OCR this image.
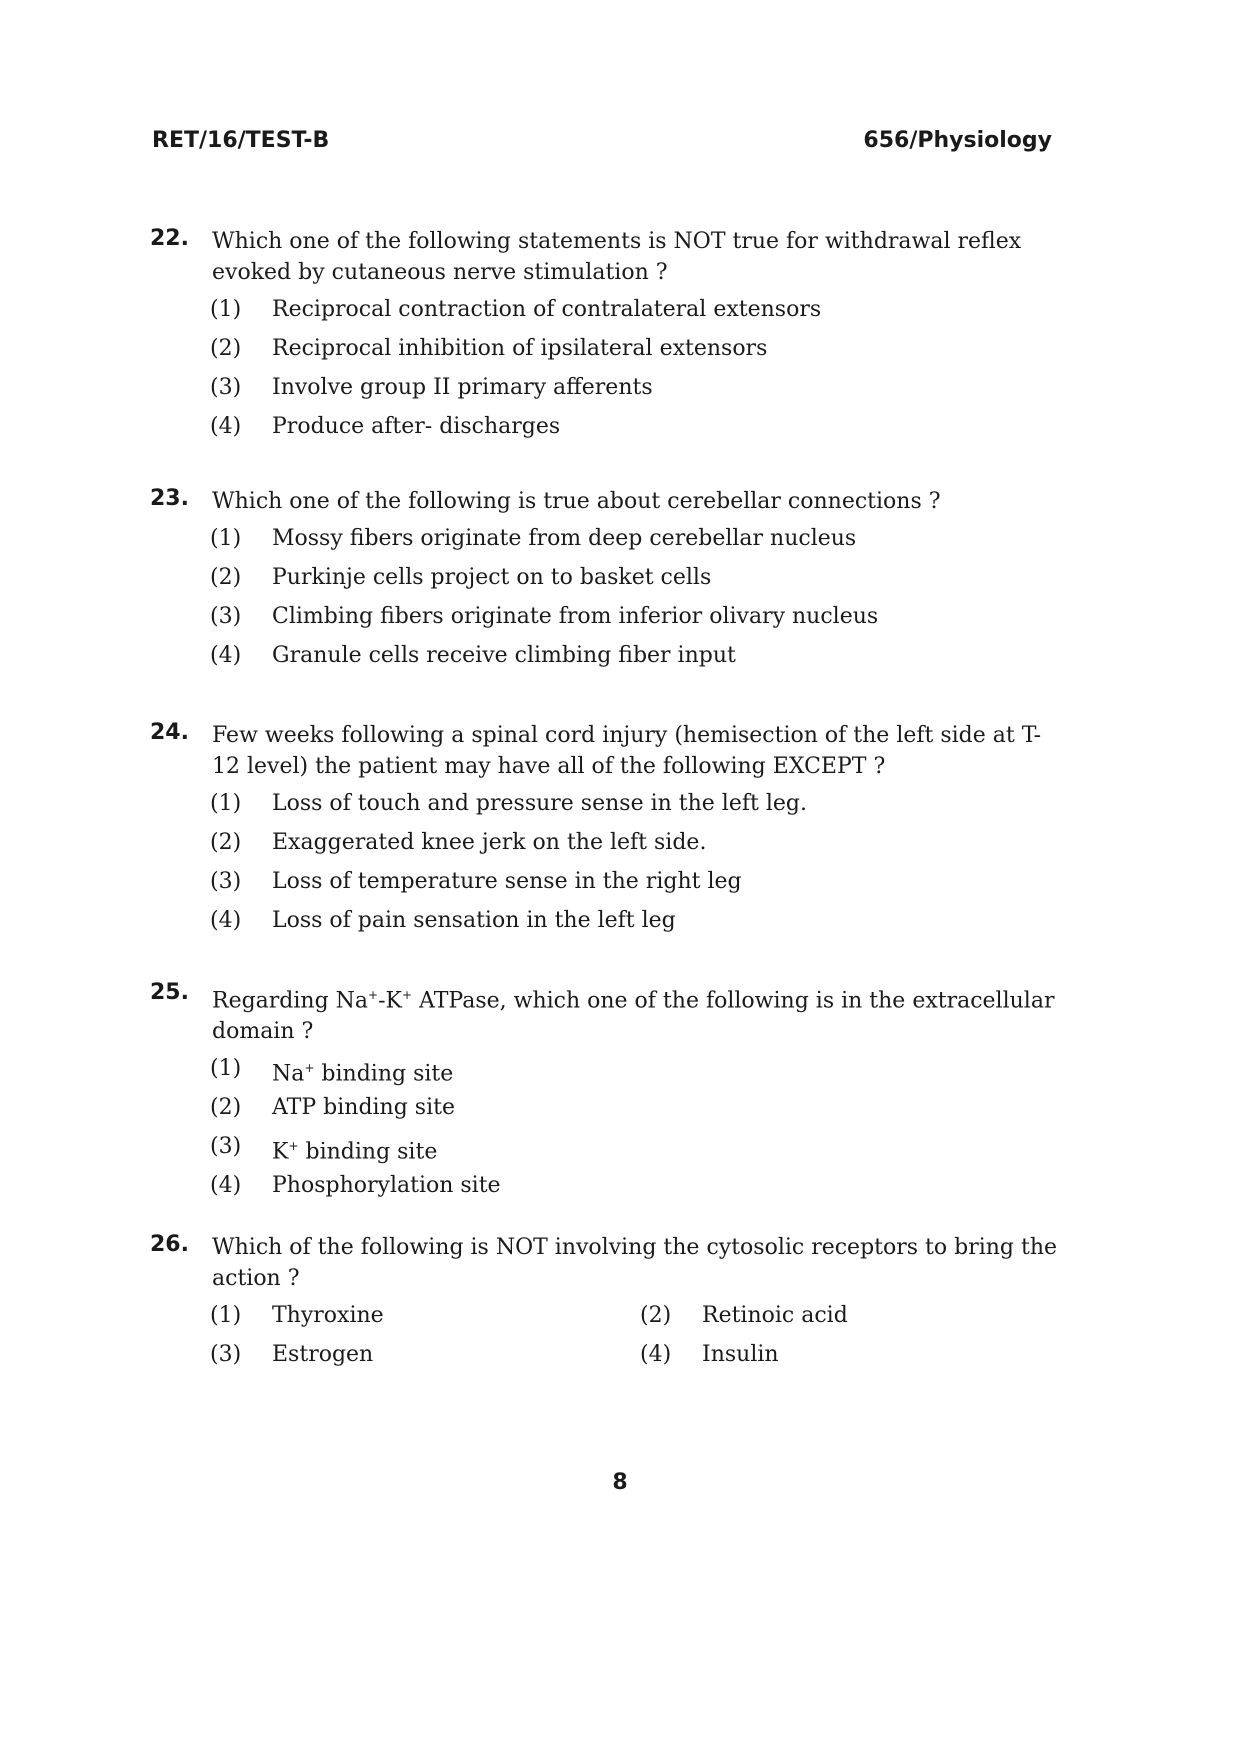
RET/16/TEST-B	656/Physiology
22. Which one of the following statements is NOT true for withdrawal reflex evoked by cutaneous nerve stimulation ?
(1)	Reciprocal contraction of contralateral extensors
(2)	Reciprocal inhibition of ipsilateral extensors
(3)	Involve group II primary afferents
(4)	Produce after- discharges
23. Which one of the following is true about cerebellar connections ?
(1)	Mossy fibers originate from deep cerebellar nucleus
(2)	Purkinje cells project on to basket cells
(3)	Climbing fibers originate from inferior olivary nucleus
(4)	Granule cells receive climbing fiber input
24. Few weeks following a spinal cord injury (hemisection of the left side at T-12 level) the patient may have all of the following EXCEPT ?
(1)	Loss of touch and pressure sense in the left leg.
(2)	Exaggerated knee jerk on the left side.
(3)	Loss of temperature sense in the right leg
(4)	Loss of pain sensation in the left leg
25. Regarding Na+-K+ ATPase, which one of the following is in the extracellular domain ?
(1)	Na+ binding site
(2)	ATP binding site
(3)	K+ binding site
(4)	Phosphorylation site
26. Which of the following is NOT involving the cytosolic receptors to bring the action ?
(1) Thyroxine	(2) Retinoic acid
(3) Estrogen	(4) Insulin
8
